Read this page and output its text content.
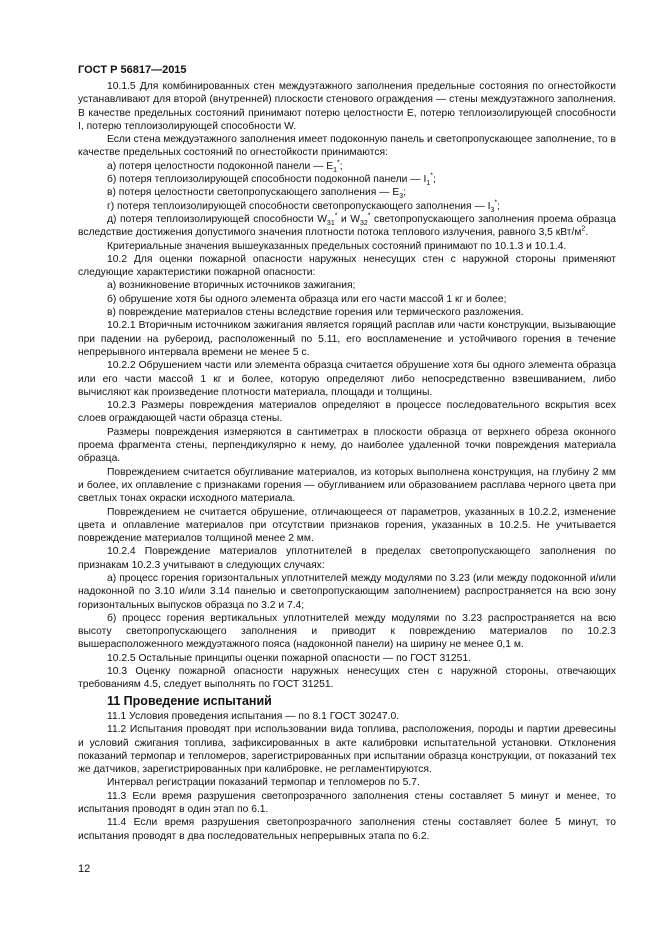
ГОСТ Р 56817—2015

10.1.5 Для комбинированных стен междуэтажного заполнения предельные состояния по огнестойкости устанавливают для второй (внутренней) плоскости стенового ограждения — стены междуэтажного заполнения. В качестве предельных состояний принимают потерю целостности E, потерю теплоизолирующей способности I, потерю теплоизолирующей способности W.

Если стена междуэтажного заполнения имеет подоконную панель и светопропускающее заполнение, то в качестве предельных состояний по огнестойкости принимаются:

а) потеря целостности подоконной панели — $E_1^*$;

б) потеря теплоизолирующей способности подоконной панели — $I_1^*$;

в) потеря целостности светопропускающего заполнения — $E_3$;

г) потеря теплоизолирующей способности светопропускающего заполнения — $I_3^*$;

д) потеря теплоизолирующей способности $W_{31}^*$ и $W_{32}^*$ светопропускающего заполнения проема образца вследствие достижения допустимого значения плотности потока теплового излучения, равного 3,5 кВт/$м^2$.

Критериальные значения вышеуказанных предельных состояний принимают по 10.1.3 и 10.1.4.

10.2 Для оценки пожарной опасности наружных ненесущих стен с наружной стороны применяют следующие характеристики пожарной опасности:

а) возникновение вторичных источников зажигания;

б) обрушение хотя бы одного элемента образца или его части массой 1 кг и более;

в) повреждение материалов стены вследствие горения или термического разложения.

10.2.1 Вторичным источником зажигания является горящий расплав или части конструкции, вызывающие при падении на рубероид, расположенный по 5.11, его воспламенение и устойчивого горения в течение непрерывного интервала времени не менее 5 с.

10.2.2 Обрушением части или элемента образца считается обрушение хотя бы одного элемента образца или его части массой 1 кг и более, которую определяют либо непосредственно взвешиванием, либо вычисляют как произведение плотности материала, площади и толщины.

10.2.3 Размеры повреждения материалов определяют в процессе последовательного вскрытия всех слоев ограждающей части образца стены.

Размеры повреждения измеряются в сантиметрах в плоскости образца от верхнего обреза оконного проема фрагмента стены, перпендикулярно к нему, до наиболее удаленной точки повреждения материала образца.

Повреждением считается обугливание материалов, из которых выполнена конструкция, на глубину 2 мм и более, их оплавление с признаками горения — обугливанием или образованием расплава черного цвета при светлых тонах окраски исходного материала.

Повреждением не считается обрушение, отличающееся от параметров, указанных в 10.2.2, изменение цвета и оплавление материалов при отсутствии признаков горения, указанных в 10.2.5. Не учитывается повреждение материалов толщиной менее 2 мм.

10.2.4 Повреждение материалов уплотнителей в пределах светопропускающего заполнения по признакам 10.2.3 учитывают в следующих случаях:

а) процесс горения горизонтальных уплотнителей между модулями по 3.23 (или между подоконной и/или надоконной по 3.10 и/или 3.14 панелью и светопропускающим заполнением) распространяется на всю зону горизонтальных выпусков образца по 3.2 и 7.4;

б) процесс горения вертикальных уплотнителей между модулями по 3.23 распространяется на всю высоту светопропускающего заполнения и приводит к повреждению материалов по 10.2.3 вышерасположенного междуэтажного пояса (надоконной панели) на ширину не менее 0,1 м.

10.2.5 Остальные принципы оценки пожарной опасности — по ГОСТ 31251.

10.3 Оценку пожарной опасности наружных ненесущих стен с наружной стороны, отвечающих требованиям 4.5, следует выполнять по ГОСТ 31251.

11 Проведение испытаний

11.1 Условия проведения испытания — по 8.1 ГОСТ 30247.0.

11.2 Испытания проводят при использовании вида топлива, расположения, породы и партии древесины и условий сжигания топлива, зафиксированных в акте калибровки испытательной установки. Отклонения показаний термопар и тепломеров, зарегистрированных при испытании образца конструкции, от показаний тех же датчиков, зарегистрированных при калибровке, не регламентируются.

Интервал регистрации показаний термопар и тепломеров по 5.7.

11.3 Если время разрушения светопрозрачного заполнения стены составляет 5 минут и менее, то испытания проводят в один этап по 6.1.

11.4 Если время разрушения светопрозрачного заполнения стены составляет более 5 минут, то испытания проводят в два последовательных непрерывных этапа по 6.2.

12
